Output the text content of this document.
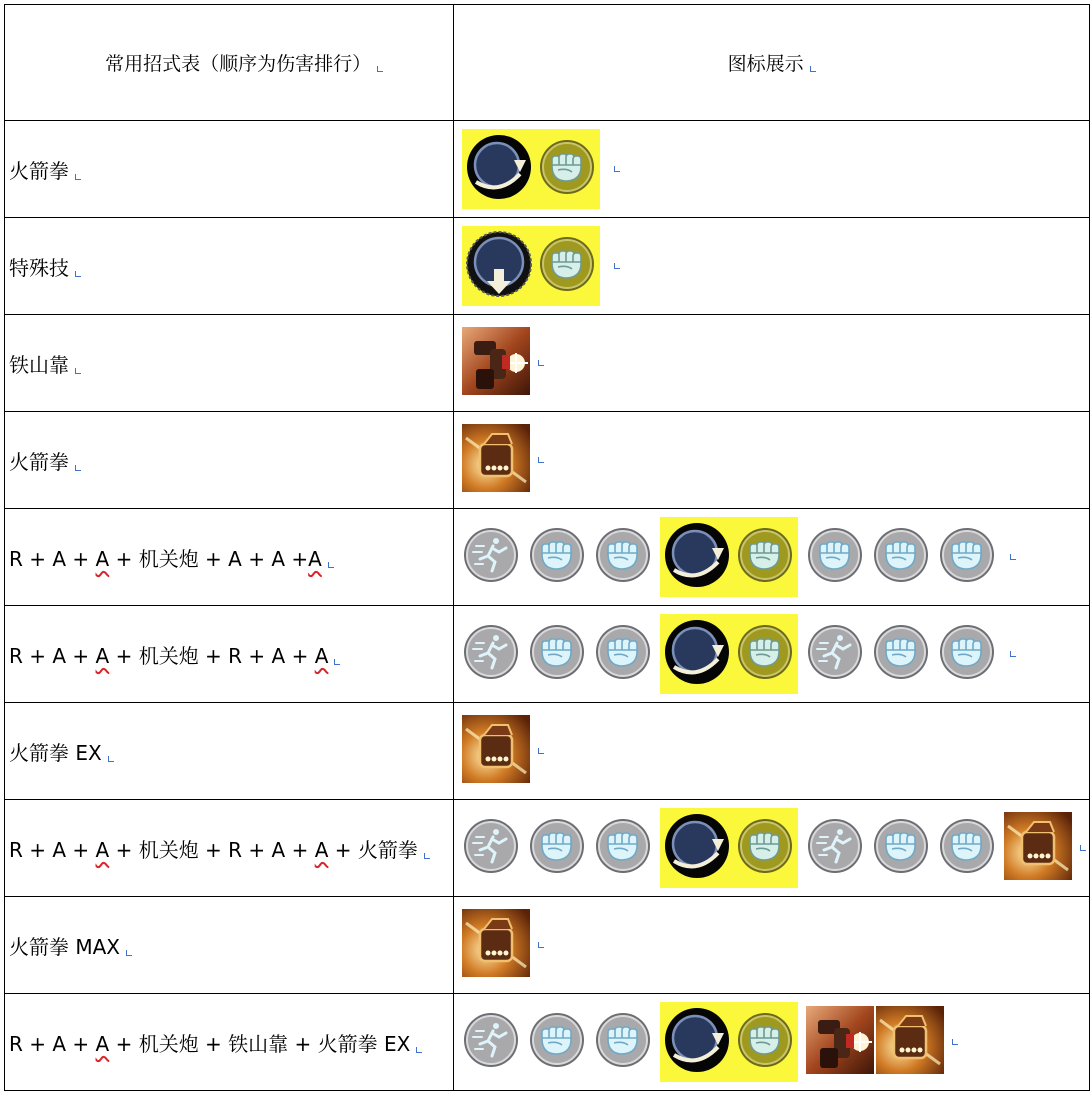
常用招式表（顺序为伤害排行）	图标展示
火箭拳	

特殊技	

铁山靠	

火箭拳	

R + A + A + 机关炮 + A + A +A	

R + A + A + 机关炮 + R + A + A	

火箭拳 EX	

R + A + A + 机关炮 + R + A + A + 火箭拳	

火箭拳 MAX	

R + A + A + 机关炮 + 铁山靠 + 火箭拳 EX	
